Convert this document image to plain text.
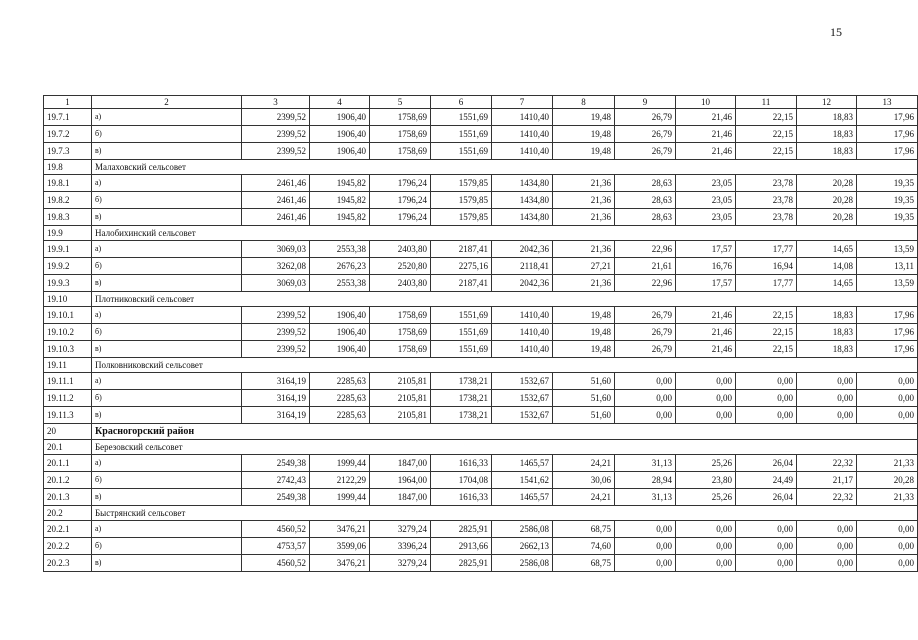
15
1	2	3	4	5	6	7	8	9	10	11	12	13
19.7.1	а)	2399,52	1906,40	1758,69	1551,69	1410,40	19,48	26,79	21,46	22,15	18,83	17,96
19.7.2	б)	2399,52	1906,40	1758,69	1551,69	1410,40	19,48	26,79	21,46	22,15	18,83	17,96
19.7.3	в)	2399,52	1906,40	1758,69	1551,69	1410,40	19,48	26,79	21,46	22,15	18,83	17,96
19.8	Малаховский сельсовет											
19.8.1	а)	2461,46	1945,82	1796,24	1579,85	1434,80	21,36	28,63	23,05	23,78	20,28	19,35
19.8.2	б)	2461,46	1945,82	1796,24	1579,85	1434,80	21,36	28,63	23,05	23,78	20,28	19,35
19.8.3	в)	2461,46	1945,82	1796,24	1579,85	1434,80	21,36	28,63	23,05	23,78	20,28	19,35
19.9	Налобихинский сельсовет											
19.9.1	а)	3069,03	2553,38	2403,80	2187,41	2042,36	21,36	22,96	17,57	17,77	14,65	13,59
19.9.2	б)	3262,08	2676,23	2520,80	2275,16	2118,41	27,21	21,61	16,76	16,94	14,08	13,11
19.9.3	в)	3069,03	2553,38	2403,80	2187,41	2042,36	21,36	22,96	17,57	17,77	14,65	13,59
19.10	Плотниковский сельсовет											
19.10.1	а)	2399,52	1906,40	1758,69	1551,69	1410,40	19,48	26,79	21,46	22,15	18,83	17,96
19.10.2	б)	2399,52	1906,40	1758,69	1551,69	1410,40	19,48	26,79	21,46	22,15	18,83	17,96
19.10.3	в)	2399,52	1906,40	1758,69	1551,69	1410,40	19,48	26,79	21,46	22,15	18,83	17,96
19.11	Полковниковский сельсовет											
19.11.1	а)	3164,19	2285,63	2105,81	1738,21	1532,67	51,60	0,00	0,00	0,00	0,00	0,00
19.11.2	б)	3164,19	2285,63	2105,81	1738,21	1532,67	51,60	0,00	0,00	0,00	0,00	0,00
19.11.3	в)	3164,19	2285,63	2105,81	1738,21	1532,67	51,60	0,00	0,00	0,00	0,00	0,00
20	Красногорский район											
20.1	Березовский сельсовет											
20.1.1	а)	2549,38	1999,44	1847,00	1616,33	1465,57	24,21	31,13	25,26	26,04	22,32	21,33
20.1.2	б)	2742,43	2122,29	1964,00	1704,08	1541,62	30,06	28,94	23,80	24,49	21,17	20,28
20.1.3	в)	2549,38	1999,44	1847,00	1616,33	1465,57	24,21	31,13	25,26	26,04	22,32	21,33
20.2	Быстрянский сельсовет											
20.2.1	а)	4560,52	3476,21	3279,24	2825,91	2586,08	68,75	0,00	0,00	0,00	0,00	0,00
20.2.2	б)	4753,57	3599,06	3396,24	2913,66	2662,13	74,60	0,00	0,00	0,00	0,00	0,00
20.2.3	в)	4560,52	3476,21	3279,24	2825,91	2586,08	68,75	0,00	0,00	0,00	0,00	0,00
